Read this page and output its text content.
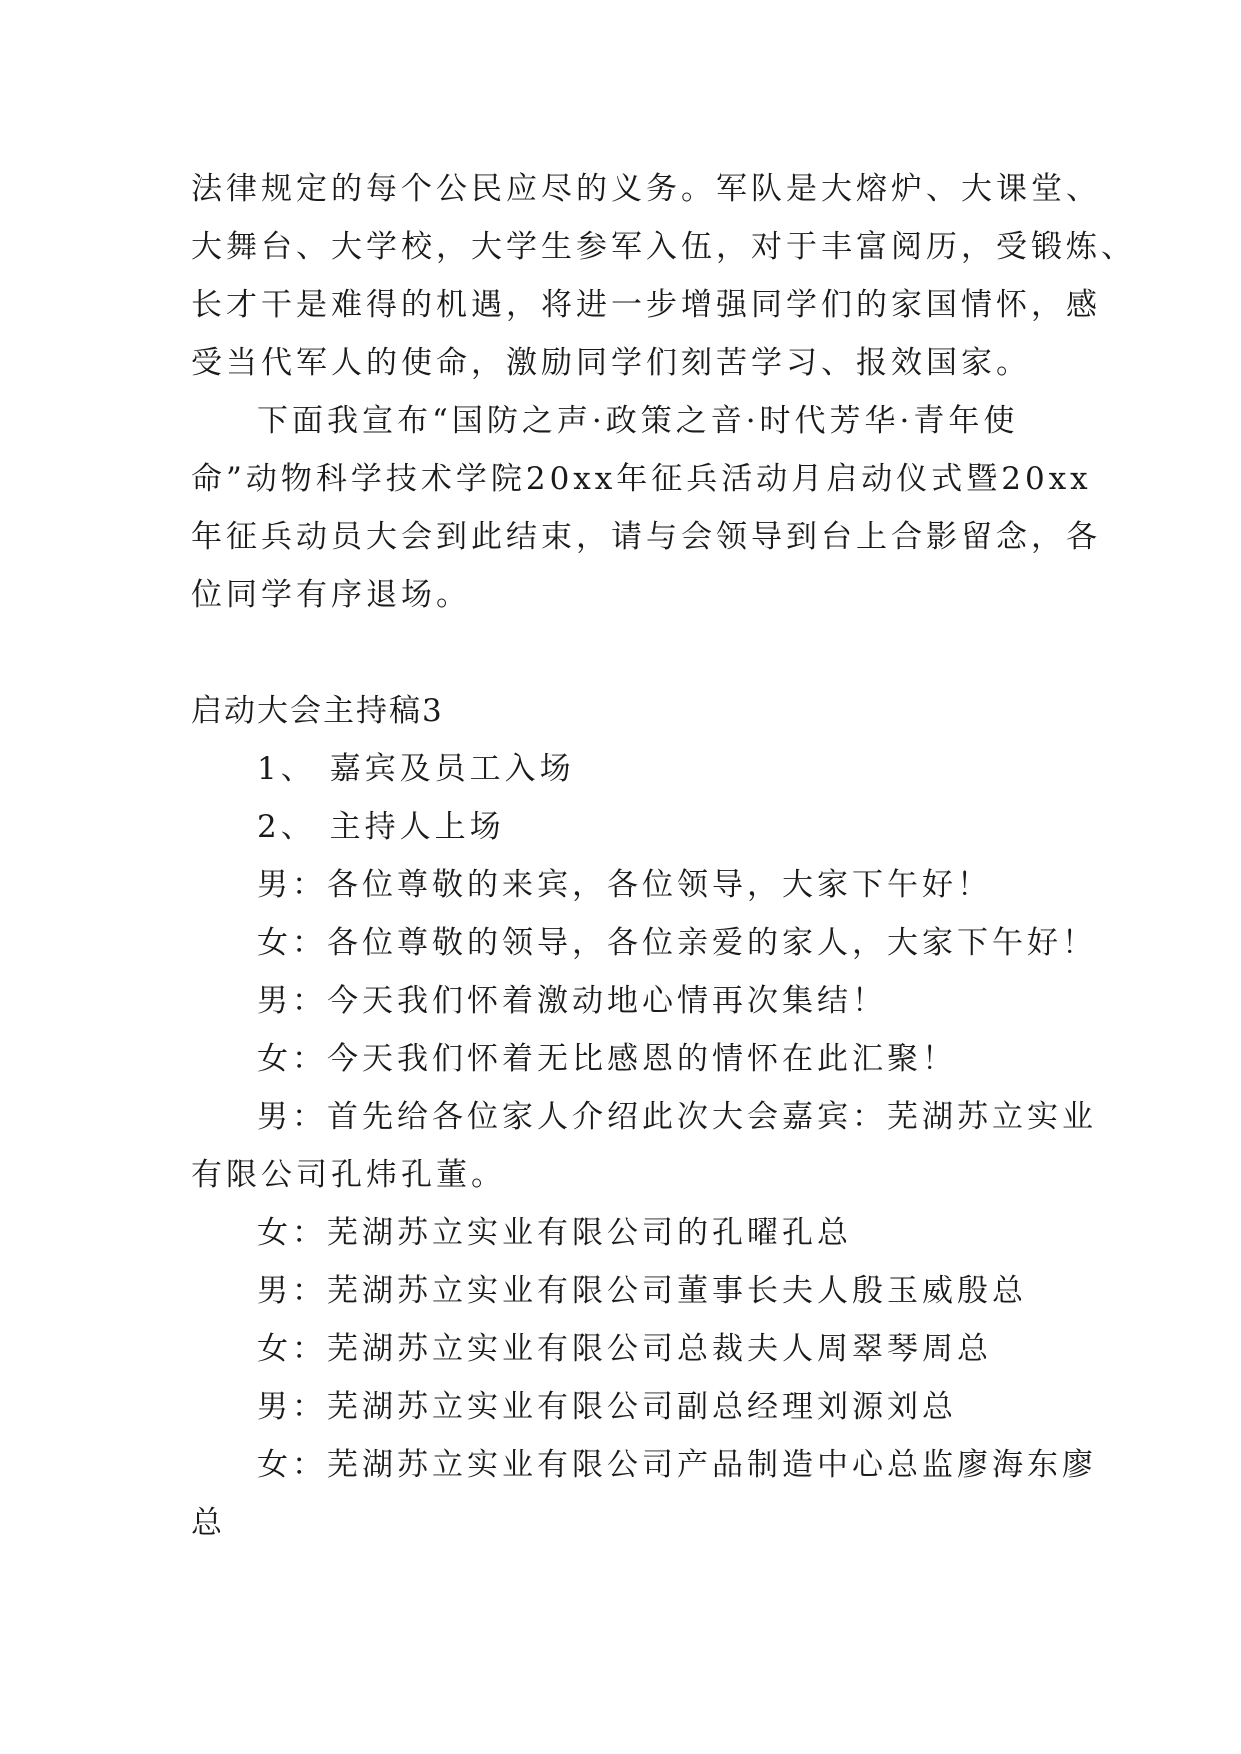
法律规定的每个公民应尽的义务。军队是大熔炉、大课堂、

大舞台、大学校，大学生参军入伍，对于丰富阅历，受锻炼、

长才干是难得的机遇，将进一步增强同学们的家国情怀，感

受当代军人的使命，激励同学们刻苦学习、报效国家。

下面我宣布“国防之声·政策之音·时代芳华·青年使

命”动物科学技术学院20xx年征兵活动月启动仪式暨20xx

年征兵动员大会到此结束，请与会领导到台上合影留念，各

位同学有序退场。

启动大会主持稿3

1、 嘉宾及员工入场

2、 主持人上场

男：各位尊敬的来宾，各位领导，大家下午好！

女：各位尊敬的领导，各位亲爱的家人，大家下午好！

男：今天我们怀着激动地心情再次集结！

女：今天我们怀着无比感恩的情怀在此汇聚！

男：首先给各位家人介绍此次大会嘉宾：芜湖苏立实业

有限公司孔炜孔董。

女：芜湖苏立实业有限公司的孔曜孔总

男：芜湖苏立实业有限公司董事长夫人殷玉威殷总

女：芜湖苏立实业有限公司总裁夫人周翠琴周总

男：芜湖苏立实业有限公司副总经理刘源刘总

女：芜湖苏立实业有限公司产品制造中心总监廖海东廖

总
